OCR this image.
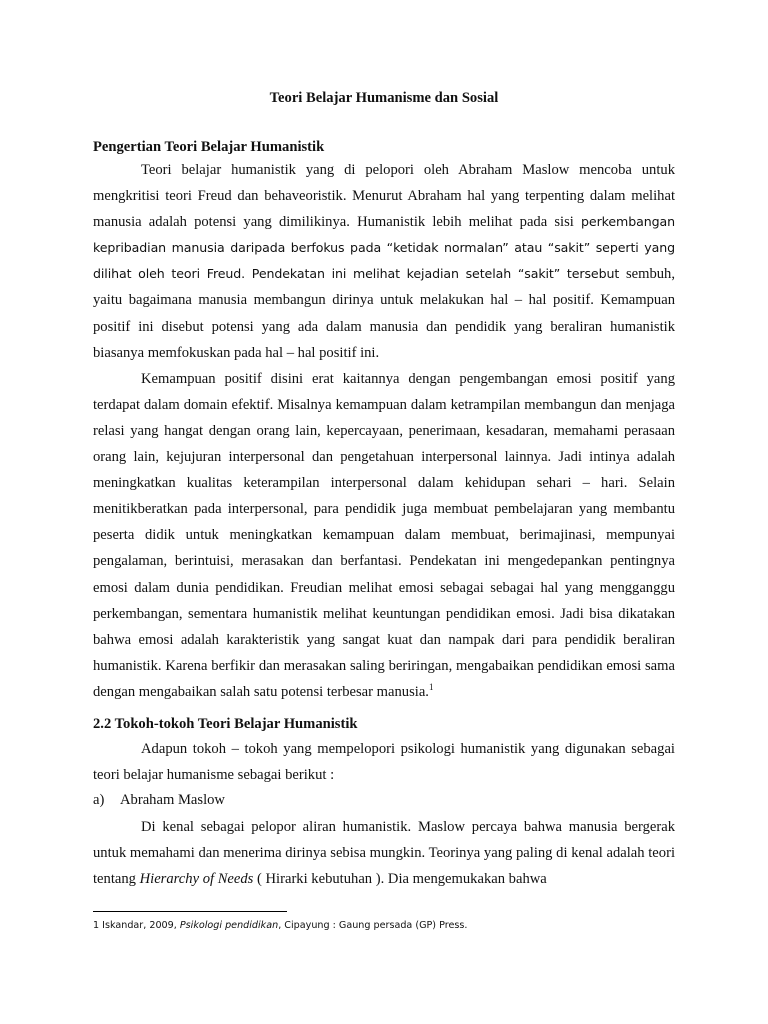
Teori Belajar Humanisme dan Sosial
Pengertian Teori Belajar Humanistik

Teori belajar humanistik yang di pelopori oleh Abraham Maslow mencoba untuk mengkritisi teori Freud dan behaveoristik. Menurut Abraham hal yang terpenting dalam melihat manusia adalah potensi yang dimilikinya. Humanistik lebih melihat pada sisi perkembangan kepribadian manusia daripada berfokus pada “ketidak normalan” atau “sakit” seperti yang dilihat oleh teori Freud. Pendekatan ini melihat kejadian setelah “sakit” tersebut sembuh, yaitu bagaimana manusia membangun dirinya untuk melakukan hal – hal positif. Kemampuan positif ini disebut potensi yang ada dalam manusia dan pendidik yang beraliran humanistik biasanya memfokuskan pada hal – hal positif ini.

Kemampuan positif disini erat kaitannya dengan pengembangan emosi positif yang terdapat dalam domain efektif. Misalnya kemampuan dalam ketrampilan membangun dan menjaga relasi yang hangat dengan orang lain, kepercayaan, penerimaan, kesadaran, memahami perasaan orang lain, kejujuran interpersonal dan pengetahuan interpersonal lainnya. Jadi intinya adalah meningkatkan kualitas keterampilan interpersonal dalam kehidupan sehari – hari. Selain menitikberatkan pada interpersonal, para pendidik juga membuat pembelajaran yang membantu peserta didik untuk meningkatkan kemampuan dalam membuat, berimajinasi, mempunyai pengalaman, berintuisi, merasakan dan berfantasi. Pendekatan ini mengedepankan pentingnya emosi dalam dunia pendidikan. Freudian melihat emosi sebagai sebagai hal yang mengganggu perkembangan, sementara humanistik melihat keuntungan pendidikan emosi. Jadi bisa dikatakan bahwa emosi adalah karakteristik yang sangat kuat dan nampak dari para pendidik beraliran humanistik. Karena berfikir dan merasakan saling beriringan, mengabaikan pendidikan emosi sama dengan mengabaikan salah satu potensi terbesar manusia.$^1$

2.2 Tokoh-tokoh Teori Belajar Humanistik

Adapun tokoh – tokoh yang mempelopori psikologi humanistik yang digunakan sebagai teori belajar humanisme sebagai berikut :

a) Abraham Maslow

Di kenal sebagai pelopor aliran humanistik. Maslow percaya bahwa manusia bergerak untuk memahami dan menerima dirinya sebisa mungkin. Teorinya yang paling di kenal adalah teori tentang Hierarchy of Needs ( Hirarki kebutuhan ). Dia mengemukakan bahwa

1 Iskandar, 2009, Psikologi pendidikan, Cipayung : Gaung persada (GP) Press.
